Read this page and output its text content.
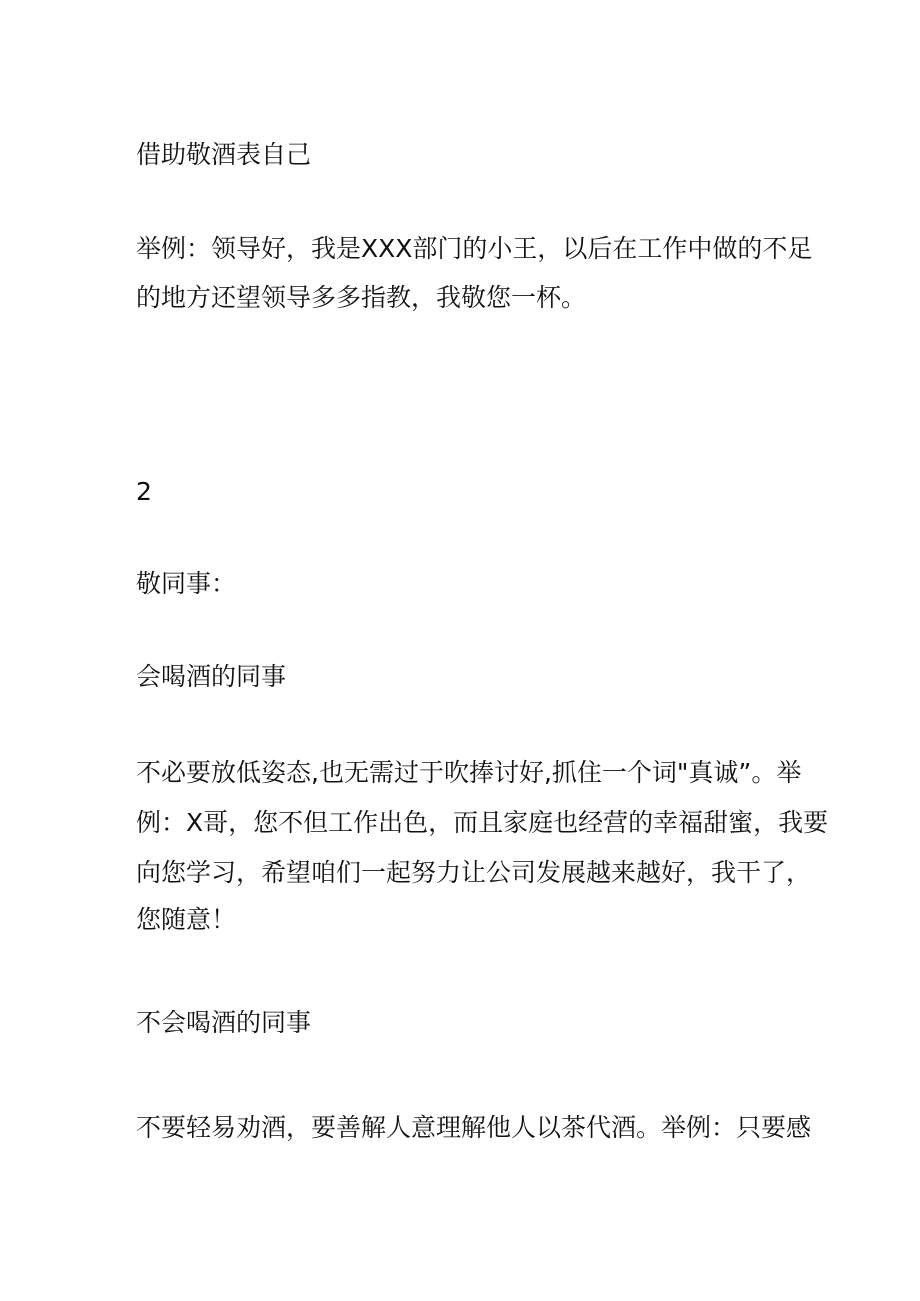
借助敬酒表自己
举例：领导好，我是XXX部门的小王，以后在工作中做的不足
的地方还望领导多多指教，我敬您一杯。
2
敬同事：
会喝酒的同事
不必要放低姿态,也无需过于吹捧讨好,抓住一个词"真诚”。举
例：X哥，您不但工作出色，而且家庭也经营的幸福甜蜜，我要
向您学习，希望咱们一起努力让公司发展越来越好，我干了，
您随意！
不会喝酒的同事
不要轻易劝酒，要善解人意理解他人以茶代酒。举例：只要感
